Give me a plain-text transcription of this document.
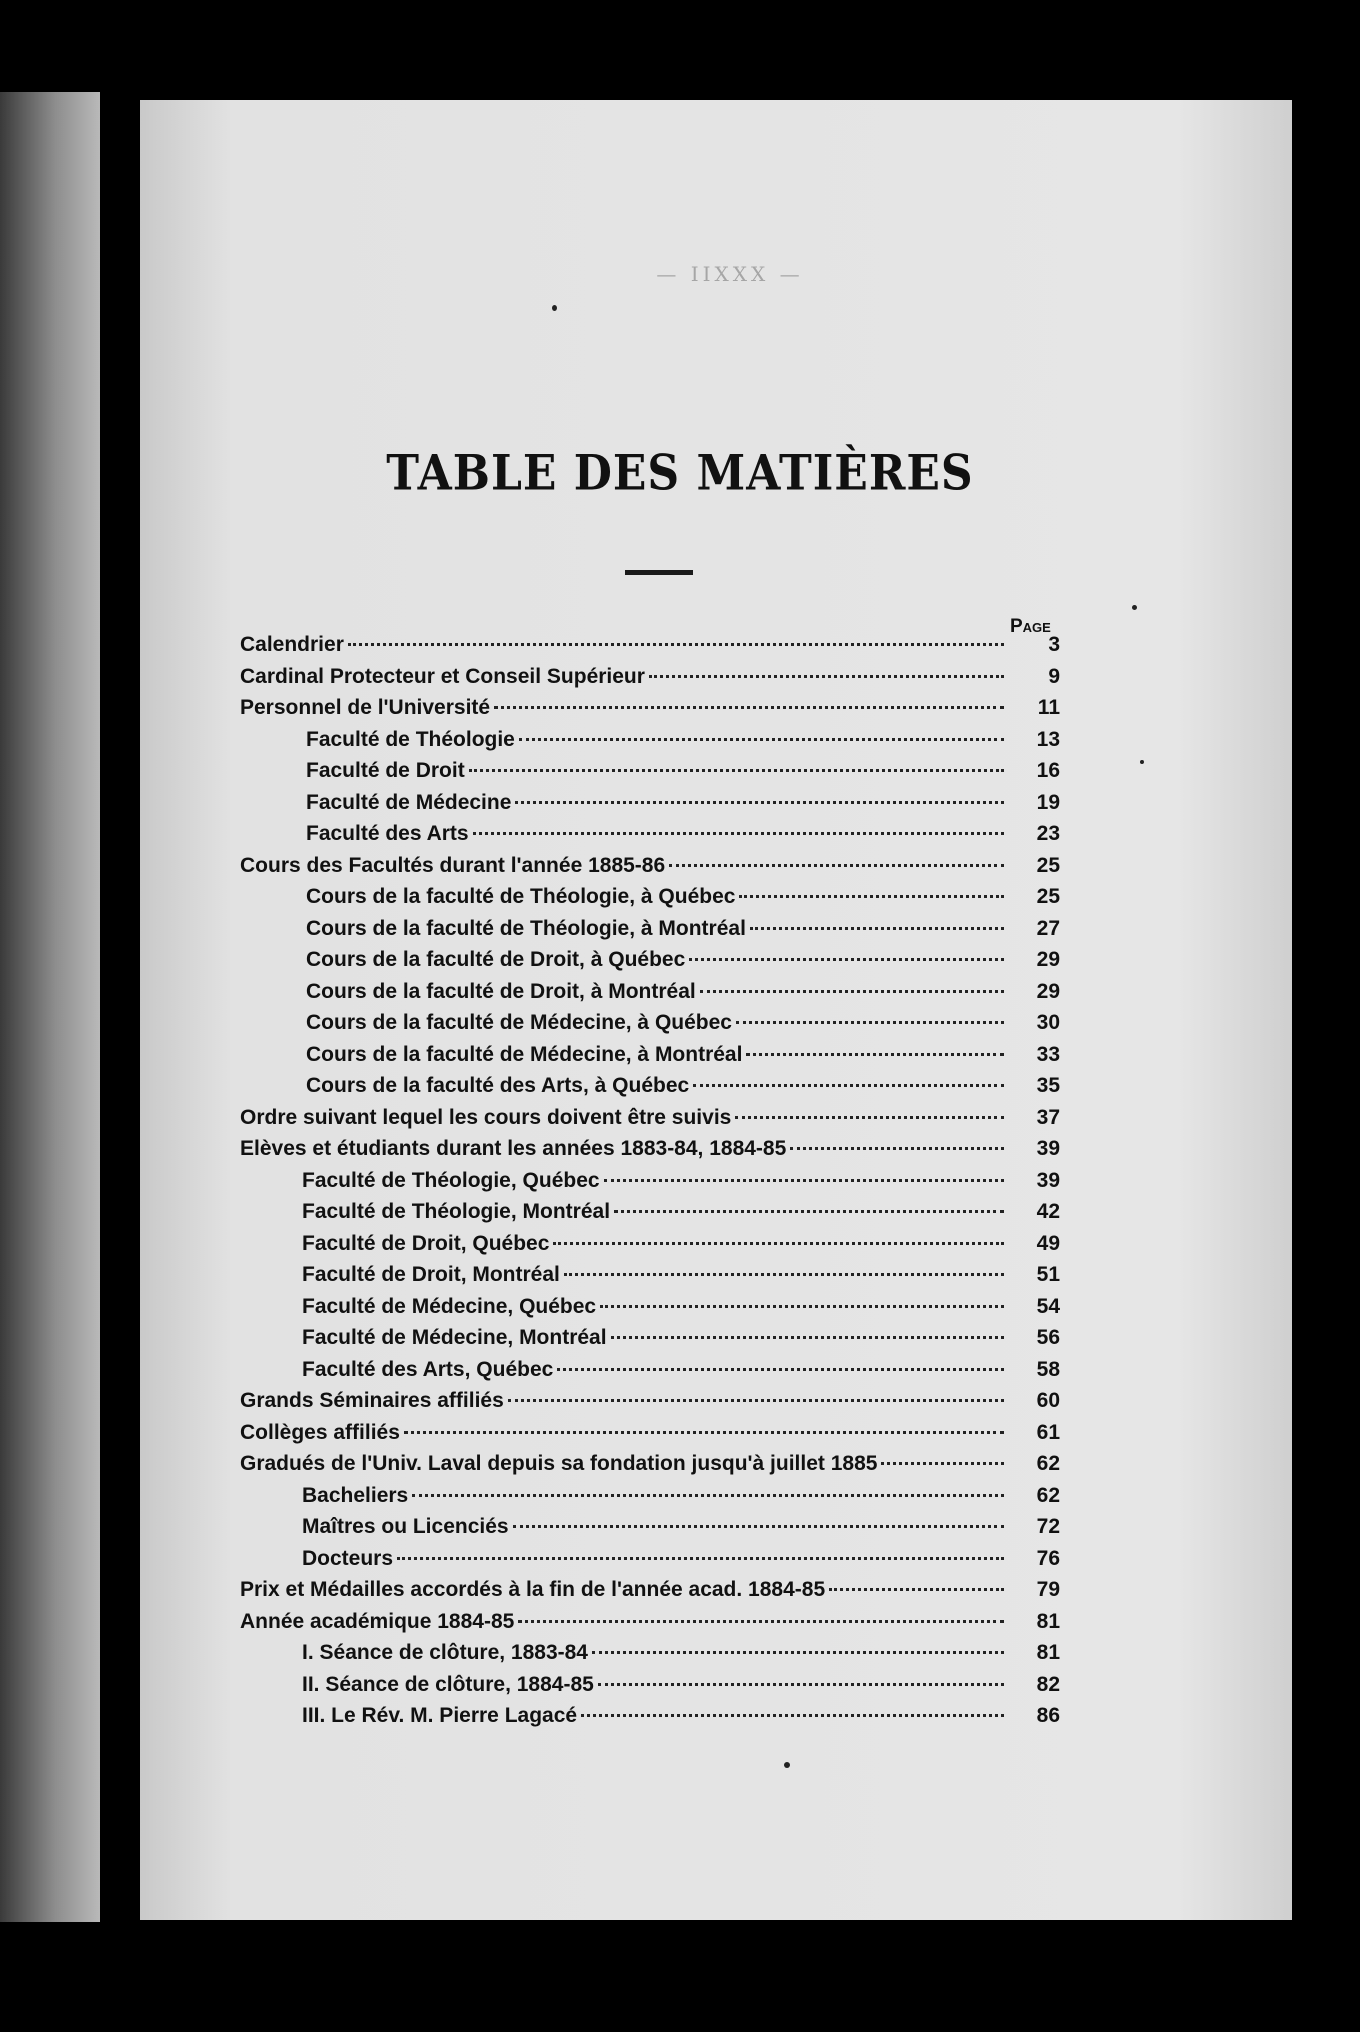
— IIXXX —
TABLE DES MATIÈRES
Page
Calendrier	3
Cardinal Protecteur et Conseil Supérieur	9
Personnel de l'Université	11
Faculté de Théologie	13
Faculté de Droit	16
Faculté de Médecine	19
Faculté des Arts	23
Cours des Facultés durant l'année 1885-86	25
Cours de la faculté de Théologie, à Québec	25
Cours de la faculté de Théologie, à Montréal	27
Cours de la faculté de Droit, à Québec	29
Cours de la faculté de Droit, à Montréal	29
Cours de la faculté de Médecine, à Québec	30
Cours de la faculté de Médecine, à Montréal	33
Cours de la faculté des Arts, à Québec	35
Ordre suivant lequel les cours doivent être suivis	37
Elèves et étudiants durant les années 1883-84, 1884-85	39
Faculté de Théologie, Québec	39
Faculté de Théologie, Montréal	42
Faculté de Droit, Québec	49
Faculté de Droit, Montréal	51
Faculté de Médecine, Québec	54
Faculté de Médecine, Montréal	56
Faculté des Arts, Québec	58
Grands Séminaires affiliés	60
Collèges affiliés	61
Gradués de l'Univ. Laval depuis sa fondation jusqu'à juillet 1885	62
Bacheliers	62
Maîtres ou Licenciés	72
Docteurs	76
Prix et Médailles accordés à la fin de l'année acad. 1884-85	79
Année académique 1884-85	81
I. Séance de clôture, 1883-84	81
II. Séance de clôture, 1884-85	82
III. Le Rév. M. Pierre Lagacé	86
